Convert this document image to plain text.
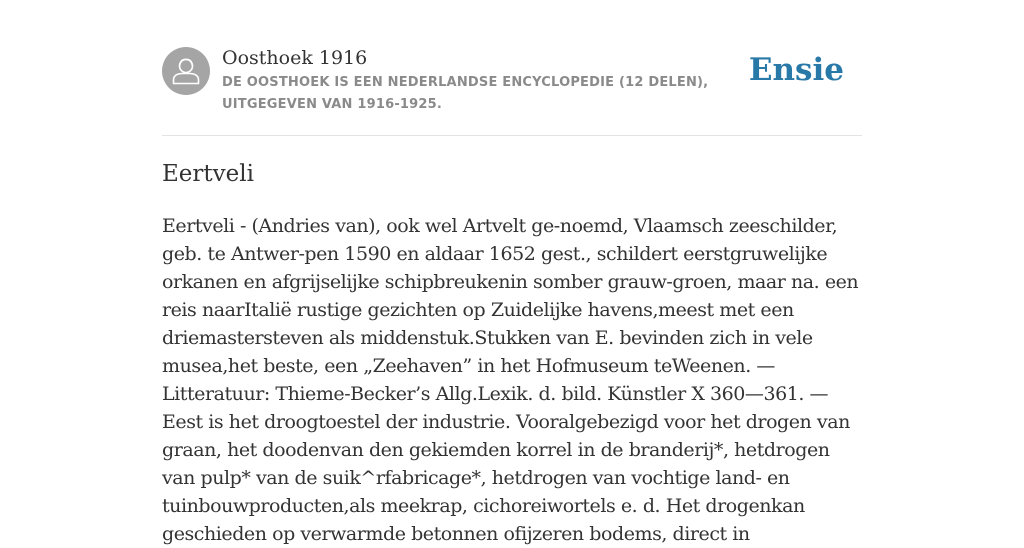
Oosthoek 1916
DE OOSTHOEK IS EEN NEDERLANDSE ENCYCLOPEDIE (12 DELEN), UITGEGEVEN VAN 1916-1925.
Ensie
Eertveli

Eertveli - (Andries van), ook wel Artvelt ge-noemd, Vlaamsch zeeschilder, geb. te Antwer-pen 1590 en aldaar 1652 gest., schildert eerstgruwelijke orkanen en afgrijselijke schipbreukenin somber grauw-groen, maar na. een reis naarItalië rustige gezichten op Zuidelijke havens,meest met een driemastersteven als middenstuk.Stukken van E. bevinden zich in vele musea,het beste, een „Zeehaven” in het Hofmuseum teWeenen. — Litteratuur: Thieme-Becker’s Allg.Lexik. d. bild. Künstler X 360—361. — Eest is het droogtoestel der industrie. Vooralgebezigd voor het drogen van graan, het doodenvan den gekiemden korrel in de branderij*, hetdrogen van pulp* van de suik^rfabricage*, hetdrogen van vochtige land- en tuinbouwproducten,als meekrap, cichoreiwortels e. d. Het drogenkan geschieden op verwarmde betonnen ofijzeren bodems, direct in
